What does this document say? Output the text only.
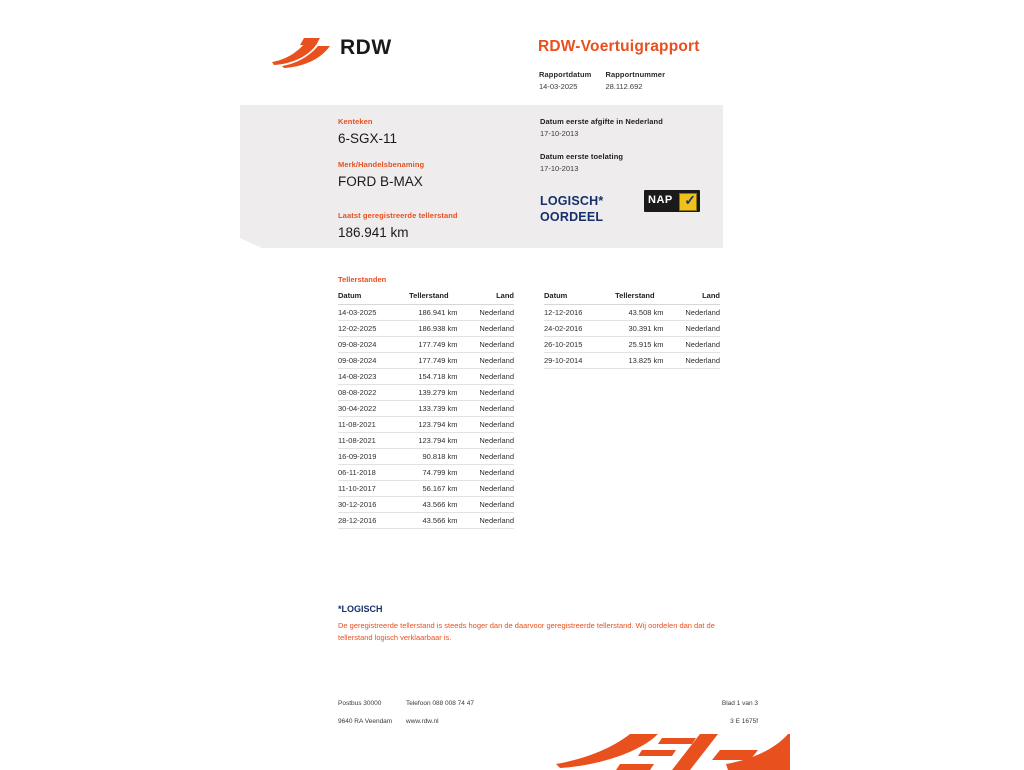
RDW	RDW-Voertuigrapport
Rapportdatum
14-03-2025

Rapportnummer
28.112.692
Kenteken
6-SGX-11
Merk/Handelsbenaming
FORD B-MAX
Datum eerste afgifte in Nederland
17-10-2013
Datum eerste toelating
17-10-2013
LOGISCH*
OORDEEL
NAP ✓
Laatst geregistreerde tellerstand
186.941 km
Tellerstanden
Datum	Tellerstand	Land
14-03-2025	186.941 km	Nederland
12-02-2025	186.938 km	Nederland
09-08-2024	177.749 km	Nederland
09-08-2024	177.749 km	Nederland
14-08-2023	154.718 km	Nederland
08-08-2022	139.279 km	Nederland
30-04-2022	133.739 km	Nederland
11-08-2021	123.794 km	Nederland
11-08-2021	123.794 km	Nederland
16-09-2019	90.818 km	Nederland
06-11-2018	74.799 km	Nederland
11-10-2017	56.167 km	Nederland
30-12-2016	43.566 km	Nederland
28-12-2016	43.566 km	Nederland
Datum	Tellerstand	Land
12-12-2016	43.508 km	Nederland
24-02-2016	30.391 km	Nederland
26-10-2015	25.915 km	Nederland
29-10-2014	13.825 km	Nederland
*LOGISCH
De geregistreerde tellerstand is steeds hoger dan de daarvoor geregistreerde tellerstand. Wij oordelen dan dat de tellerstand logisch verklaarbaar is.
Postbus 30000
9640 RA Veendam
Telefoon 088 008 74 47
www.rdw.nl
Blad 1 van 3
3 E 1675f
